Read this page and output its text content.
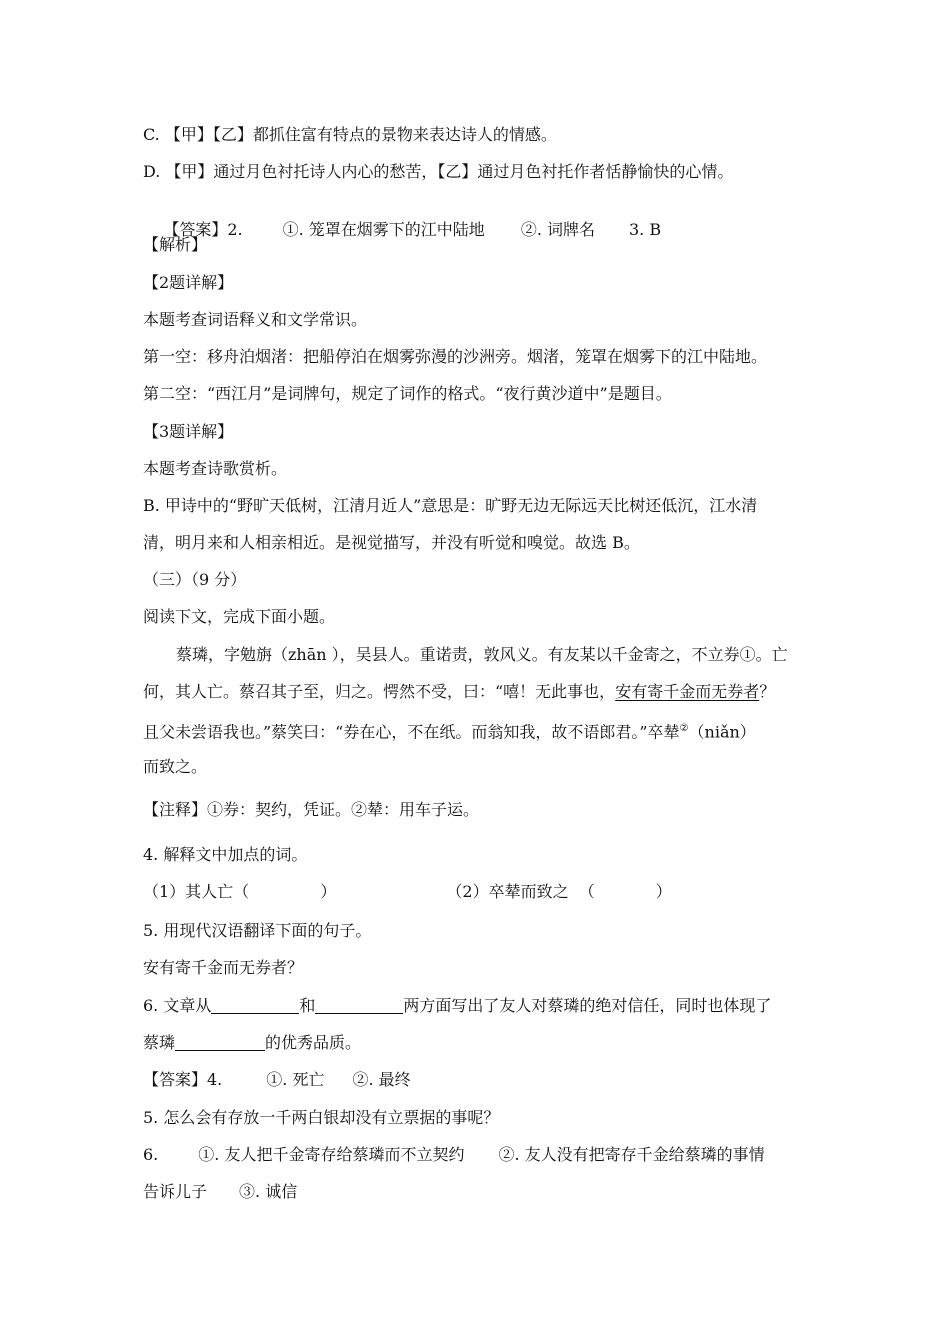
C. 【甲】【乙】都抓住富有特点的景物来表达诗人的情感。
D. 【甲】通过月色衬托诗人内心的愁苦，【乙】通过月色衬托作者恬静愉快的心情。

【答案】2.	①. 笼罩在烟雾下的江中陆地 ②. 词牌名 3. B

【解析】
【2题详解】
本题考查词语释义和文学常识。
第一空：移舟泊烟渚：把船停泊在烟雾弥漫的沙洲旁。烟渚，笼罩在烟雾下的江中陆地。
第二空：“西江月”是词牌句，规定了词作的格式。“夜行黄沙道中”是题目。
【3题详解】
本题考查诗歌赏析。
B. 甲诗中的“野旷天低树，江清月近人”意思是：旷野无边无际远天比树还低沉，江水清
清，明月来和人相亲相近。是视觉描写，并没有听觉和嗅觉。故选 B。
（三）（9 分）
阅读下文，完成下面小题。
蔡璘，字勉旃（zhān ），吴县人。重诺责，敦风义。有友某以千金寄之，不立券①。亡
何，其人亡。蔡召其子至，归之。愕然不受，曰：“嘻！无此事也，安有寄千金而无券者？
且父未尝语我也。”蔡笑曰：“券在心，不在纸。而翁知我，故不语郎君。”卒辇②（niǎn）
而致之。
【注释】①券：契约，凭证。②辇：用车子运。
4. 解释文中加点的词。
（1）其人亡（              ）	（2）卒辇而致之  （            ）
5. 用现代汉语翻译下面的句子。
安有寄千金而无券者？
6. 文章从	和	两方面写出了友人对蔡璘的绝对信任，同时也体现了
蔡璘	的优秀品质。
【答案】4.	①. 死亡 ②. 最终
5. 怎么会有存放一千两白银却没有立票据的事呢？
6.	①. 友人把千金寄存给蔡璘而不立契约 ②. 友人没有把寄存千金给蔡璘的事情
告诉儿子 ③. 诚信
